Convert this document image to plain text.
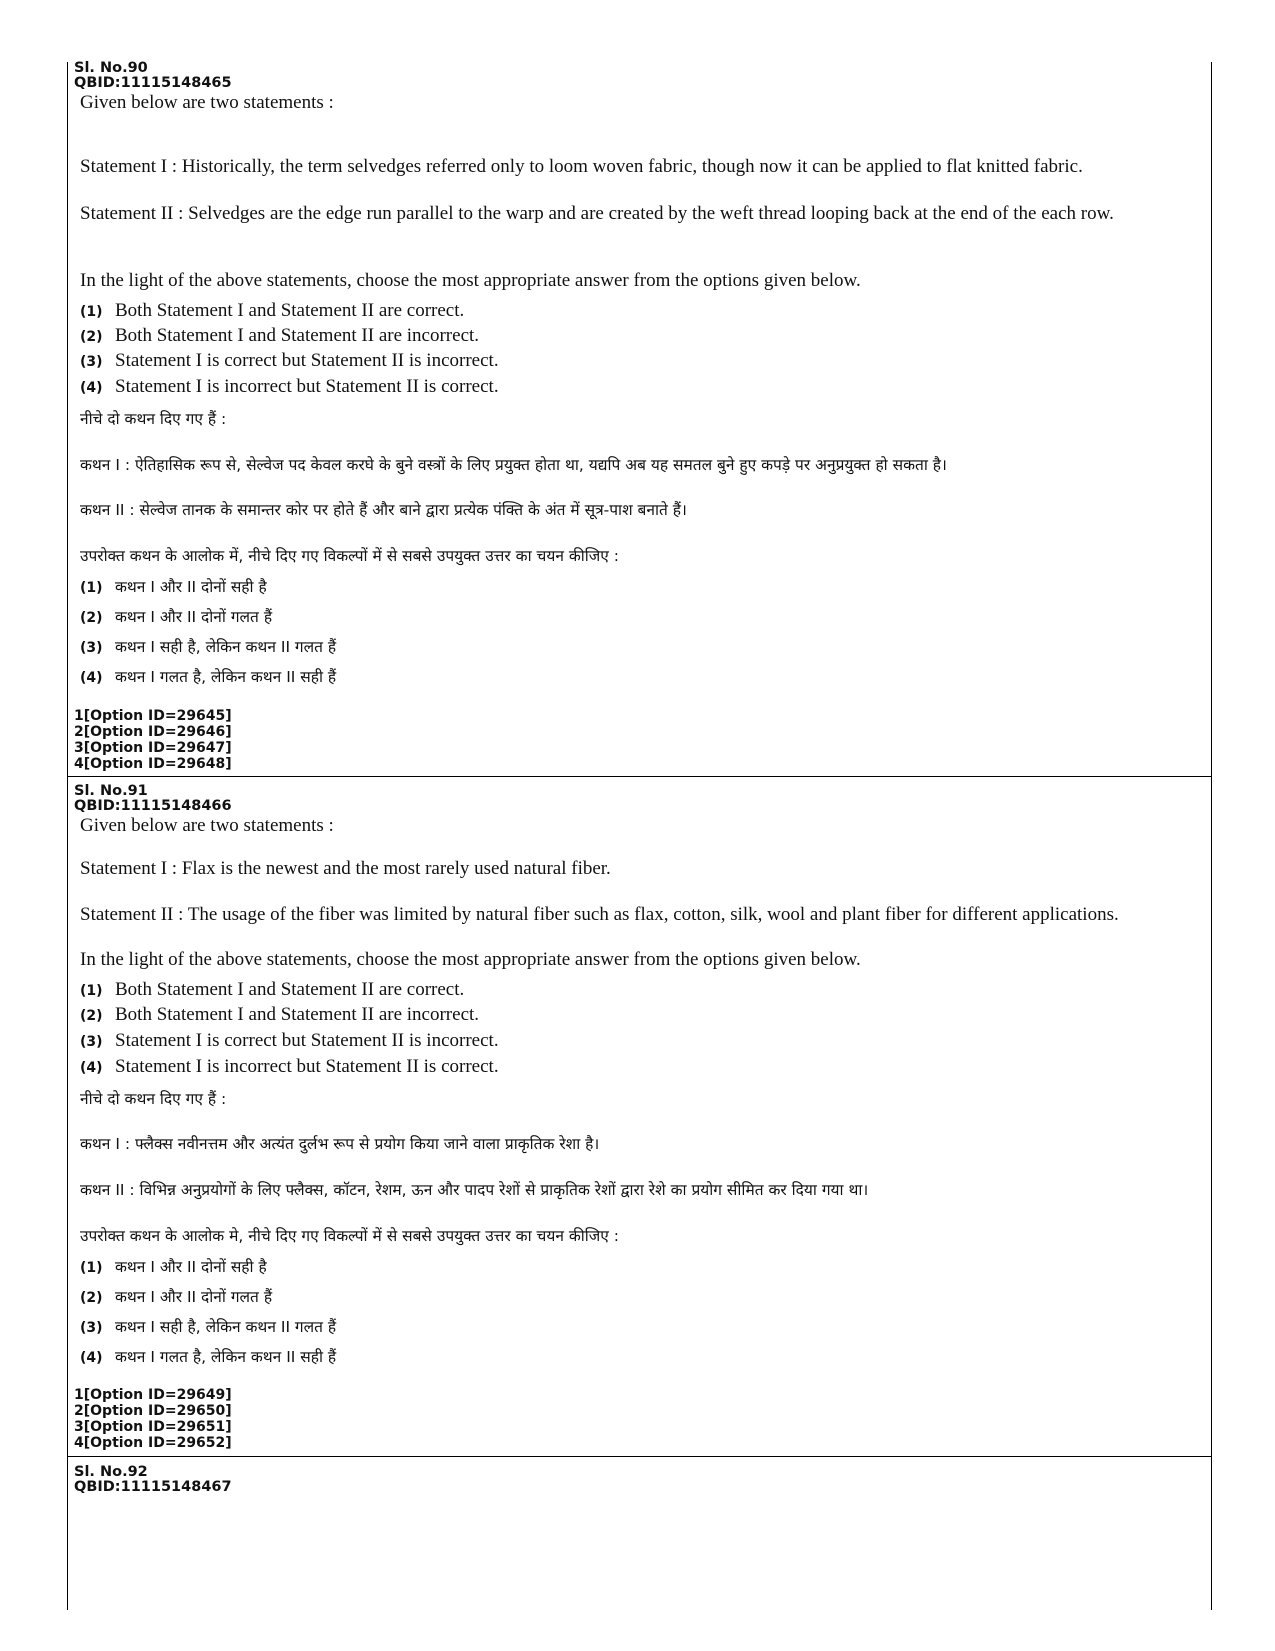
Sl. No.90
QBID:11115148465
Given below are two statements :
Statement I : Historically, the term selvedges referred only to loom woven fabric, though now it can be applied to flat knitted fabric.
Statement II : Selvedges are the edge run parallel to the warp and are created by the weft thread looping back at the end of the each row.
In the light of the above statements, choose the most appropriate answer from the options given below.
(1) Both Statement I and Statement II are correct.
(2) Both Statement I and Statement II are incorrect.
(3) Statement I is correct but Statement II is incorrect.
(4) Statement I is incorrect but Statement II is correct.
नीचे दो कथन दिए गए हैं :
कथन I : ऐतिहासिक रूप से, सेल्वेज पद केवल करघे के बुने वस्त्रों के लिए प्रयुक्त होता था, यद्यपि अब यह समतल बुने हुए कपड़े पर अनुप्रयुक्त हो सकता है।
कथन II : सेल्वेज तानक के समान्तर कोर पर होते हैं और बाने द्वारा प्रत्येक पंक्ति के अंत में सूत्र-पाश बनाते हैं।
उपरोक्त कथन के आलोक में, नीचे दिए गए विकल्पों में से सबसे उपयुक्त उत्तर का चयन कीजिए :
(1) कथन I और II दोनों सही है
(2) कथन I और II दोनों गलत हैं
(3) कथन I सही है, लेकिन कथन II गलत हैं
(4) कथन I गलत है, लेकिन कथन II सही हैं
1[Option ID=29645]
2[Option ID=29646]
3[Option ID=29647]
4[Option ID=29648]
Sl. No.91
QBID:11115148466
Given below are two statements :
Statement I : Flax is the newest and the most rarely used natural fiber.
Statement II : The usage of the fiber was limited by natural fiber such as flax, cotton, silk, wool and plant fiber for different applications.
In the light of the above statements, choose the most appropriate answer from the options given below.
(1) Both Statement I and Statement II are correct.
(2) Both Statement I and Statement II are incorrect.
(3) Statement I is correct but Statement II is incorrect.
(4) Statement I is incorrect but Statement II is correct.
नीचे दो कथन दिए गए हैं :
कथन I : फ्लैक्स नवीनत्तम और अत्यंत दुर्लभ रूप से प्रयोग किया जाने वाला प्राकृतिक रेशा है।
कथन II : विभिन्न अनुप्रयोगों के लिए फ्लैक्स, कॉटन, रेशम, ऊन और पादप रेशों से प्राकृतिक रेशों द्वारा रेशे का प्रयोग सीमित कर दिया गया था।
उपरोक्त कथन के आलोक मे, नीचे दिए गए विकल्पों में से सबसे उपयुक्त उत्तर का चयन कीजिए :
(1) कथन I और II दोनों सही है
(2) कथन I और II दोनों गलत हैं
(3) कथन I सही है, लेकिन कथन II गलत हैं
(4) कथन I गलत है, लेकिन कथन II सही हैं
1[Option ID=29649]
2[Option ID=29650]
3[Option ID=29651]
4[Option ID=29652]
Sl. No.92
QBID:11115148467
